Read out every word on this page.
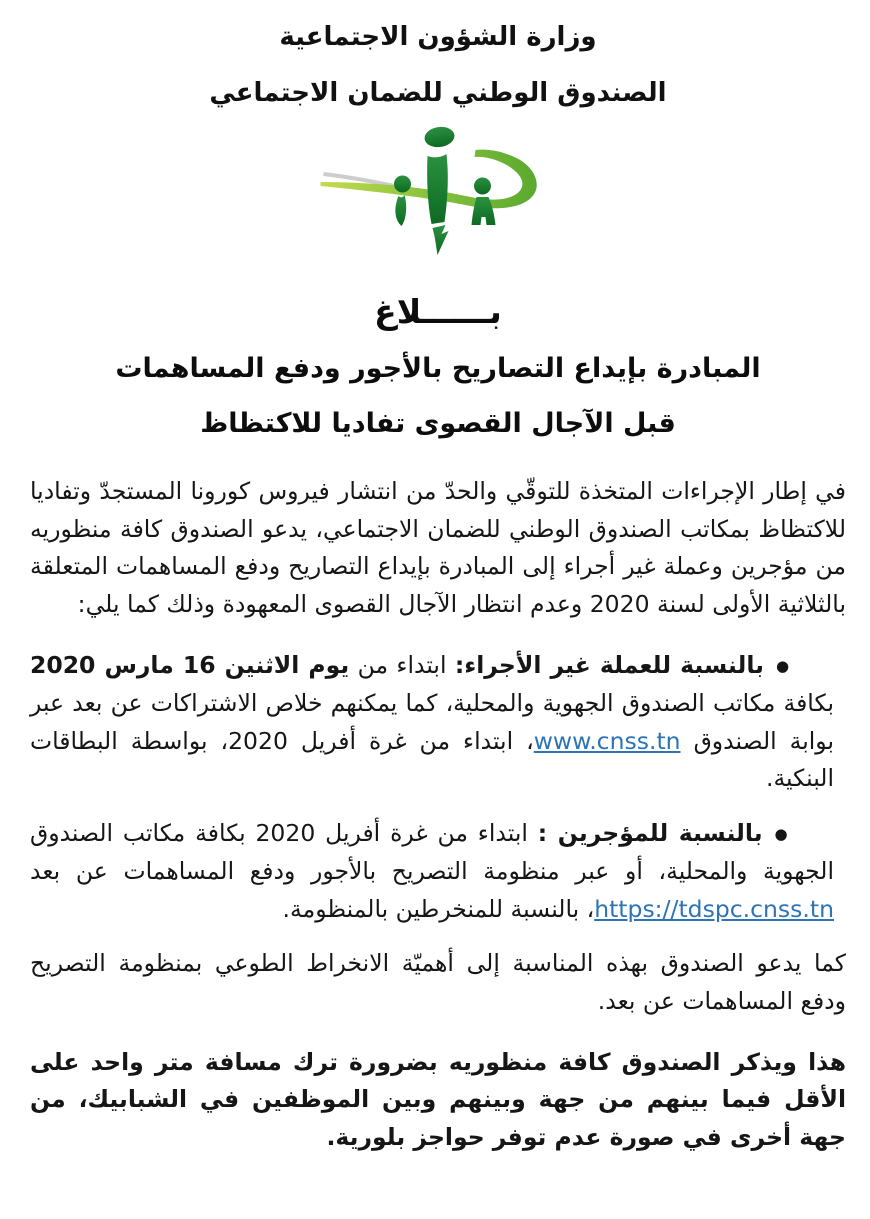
وزارة الشؤون الاجتماعية
الصندوق الوطني للضمان الاجتماعي
بــــــلاغ
المبادرة بإيداع التصاريح بالأجور ودفع المساهمات
قبل الآجال القصوى تفاديا للاكتظاظ

في إطار الإجراءات المتخذة للتوقّي والحدّ من انتشار فيروس كورونا المستجدّ وتفاديا للاكتظاظ بمكاتب الصندوق الوطني للضمان الاجتماعي، يدعو الصندوق كافة منظوريه من مؤجرين وعملة غير أجراء إلى المبادرة بإيداع التصاريح ودفع المساهمات المتعلقة بالثلاثية الأولى لسنة 2020 وعدم انتظار الآجال القصوى المعهودة وذلك كما يلي:

●بالنسبة للعملة غير الأجراء: ابتداء من يوم الاثنين 16 مارس 2020 بكافة مكاتب الصندوق الجهوية والمحلية، كما يمكنهم خلاص الاشتراكات عن بعد عبر بوابة الصندوق www.cnss.tn، ابتداء من غرة أفريل 2020، بواسطة البطاقات البنكية.
●بالنسبة للمؤجرين : ابتداء من غرة أفريل 2020 بكافة مكاتب الصندوق الجهوية والمحلية، أو عبر منظومة التصريح بالأجور ودفع المساهمات عن بعد https://tdspc.cnss.tn، بالنسبة للمنخرطين بالمنظومة.

كما يدعو الصندوق بهذه المناسبة إلى أهميّة الانخراط الطوعي بمنظومة التصريح ودفع المساهمات عن بعد.

هذا ويذكر الصندوق كافة منظوريه بضرورة ترك مسافة متر واحد على الأقل فيما بينهم من جهة وبينهم وبين الموظفين في الشبابيك، من جهة أخرى في صورة عدم توفر حواجز بلورية.
